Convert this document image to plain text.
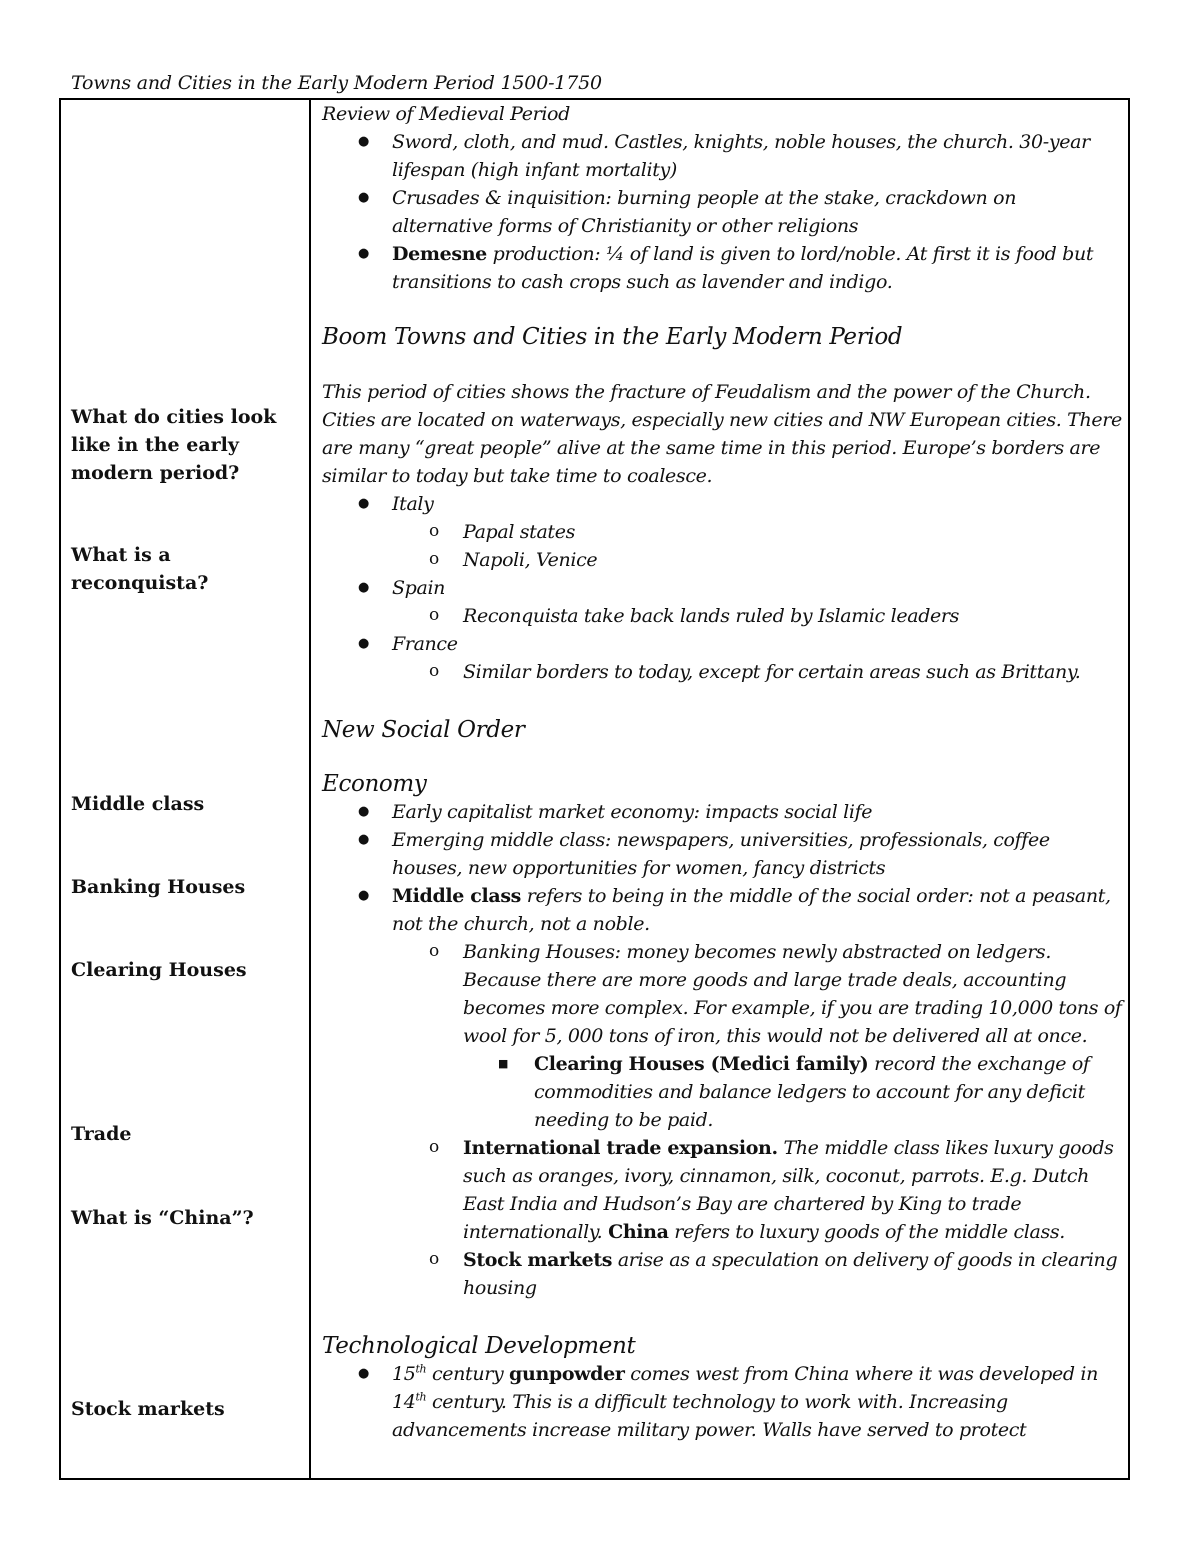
Towns and Cities in the Early Modern Period 1500-1750
What do cities look like in the early modern period?
What is a reconquista?
Middle class
Banking Houses
Clearing Houses
Trade
What is “China”?
Stock markets

Review of Medieval Period

● Sword, cloth, and mud. Castles, knights, noble houses, the church. 30-year lifespan (high infant mortality)
● Crusades & inquisition: burning people at the stake, crackdown on alternative forms of Christianity or other religions
● Demesne production: ¼ of land is given to lord/noble. At first it is food but transitions to cash crops such as lavender and indigo.

Boom Towns and Cities in the Early Modern Period

This period of cities shows the fracture of Feudalism and the power of the Church. Cities are located on waterways, especially new cities and NW European cities. There are many “great people” alive at the same time in this period. Europe’s borders are similar to today but take time to coalesce.

● Italy
o Papal states
o Napoli, Venice
● Spain
o Reconquista take back lands ruled by Islamic leaders
● France
o Similar borders to today, except for certain areas such as Brittany.

New Social Order

Economy

● Early capitalist market economy: impacts social life
● Emerging middle class: newspapers, universities, professionals, coffee houses, new opportunities for women, fancy districts
● Middle class refers to being in the middle of the social order: not a peasant, not the church, not a noble.
o Banking Houses: money becomes newly abstracted on ledgers. Because there are more goods and large trade deals, accounting becomes more complex. For example, if you are trading 10,000 tons of wool for 5, 000 tons of iron, this would not be delivered all at once.
■ Clearing Houses (Medici family) record the exchange of commodities and balance ledgers to account for any deficit needing to be paid.
o International trade expansion. The middle class likes luxury goods such as oranges, ivory, cinnamon, silk, coconut, parrots. E.g. Dutch East India and Hudson’s Bay are chartered by King to trade internationally. China refers to luxury goods of the middle class.
o Stock markets arise as a speculation on delivery of goods in clearing housing

Technological Development

● 15th century gunpowder comes west from China where it was developed in 14th century. This is a difficult technology to work with. Increasing advancements increase military power. Walls have served to protect
